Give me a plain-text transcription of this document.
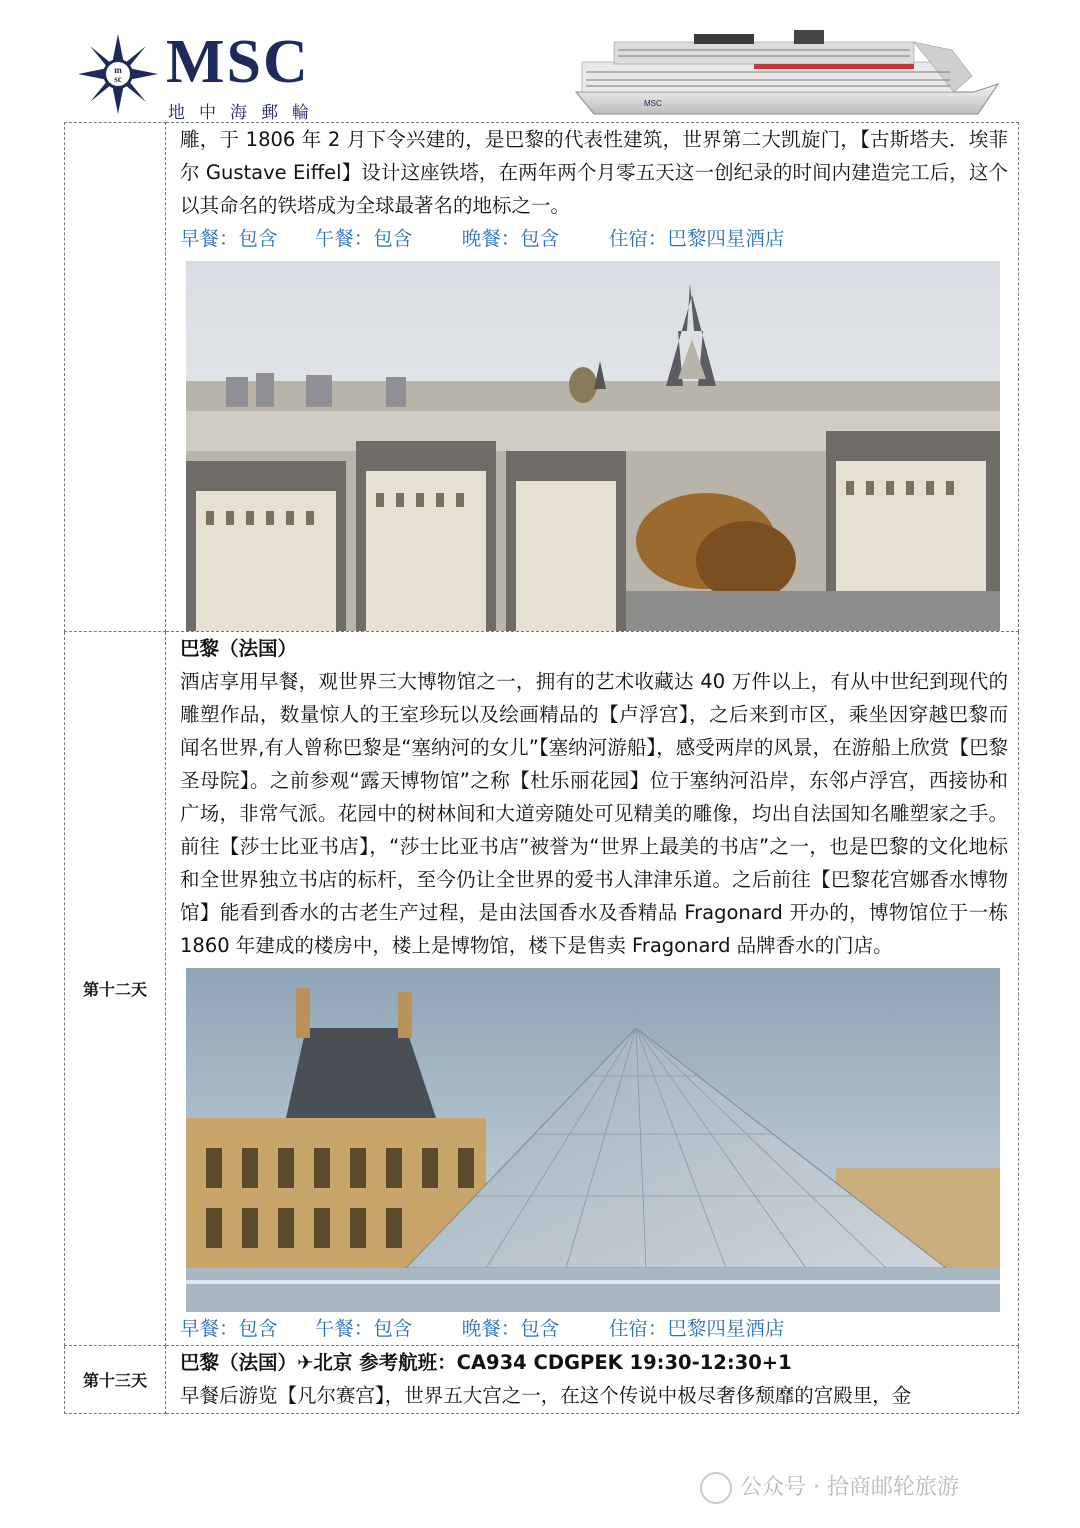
m
sc MSC
地中海郵輪	MSC

	雕，于 1806 年 2 月下令兴建的，是巴黎的代表性建筑，世界第二大凯旋门，【古斯塔夫．埃菲尔 Gustave Eiffel】设计这座铁塔，在两年两个月零五天这一创纪录的时间内建造完工后，这个以其命名的铁塔成为全球最著名的地标之一。

早餐：包含      午餐：包含        晚餐：包含        住宿：巴黎四星酒店

第十二天	巴黎（法国）

酒店享用早餐，观世界三大博物馆之一，拥有的艺术收藏达 40 万件以上，有从中世纪到现代的雕塑作品，数量惊人的王室珍玩以及绘画精品的【卢浮宫】，之后来到市区，乘坐因穿越巴黎而闻名世界,有人曾称巴黎是“塞纳河的女儿”【塞纳河游船】，感受两岸的风景，在游船上欣赏【巴黎圣母院】。之前参观“露天博物馆”之称【杜乐丽花园】位于塞纳河沿岸，东邻卢浮宫，西接协和广场，非常气派。花园中的树林间和大道旁随处可见精美的雕像，均出自法国知名雕塑家之手。前往【莎士比亚书店】，“莎士比亚书店”被誉为“世界上最美的书店”之一，也是巴黎的文化地标和全世界独立书店的标杆，至今仍让全世界的爱书人津津乐道。之后前往【巴黎花宫娜香水博物馆】能看到香水的古老生产过程，是由法国香水及香精品 Fragonard 开办的，博物馆位于一栋 1860 年建成的楼房中，楼上是博物馆，楼下是售卖 Fragonard 品牌香水的门店。

早餐：包含      午餐：包含        晚餐：包含        住宿：巴黎四星酒店

第十三天	巴黎（法国）✈北京 参考航班：CA934 CDGPEK 19:30-12:30+1

早餐后游览【凡尔赛宫】，世界五大宫之一，在这个传说中极尽奢侈颓靡的宫殿里，金

公众号 · 拾商邮轮旅游
